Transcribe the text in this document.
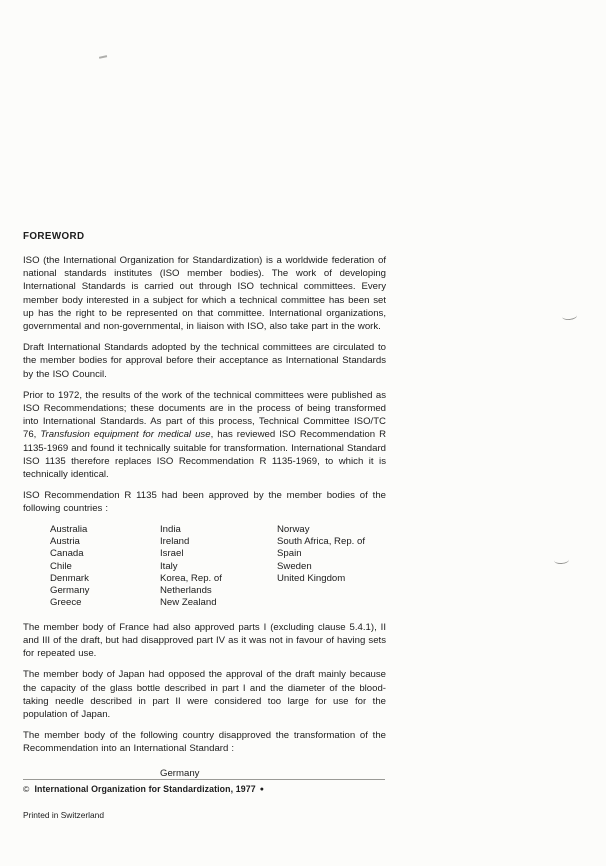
FOREWORD

ISO (the International Organization for Standardization) is a worldwide federation of national standards institutes (ISO member bodies). The work of developing International Standards is carried out through ISO technical committees. Every member body interested in a subject for which a technical committee has been set up has the right to be represented on that committee. International organizations, governmental and non-governmental, in liaison with ISO, also take part in the work.

Draft International Standards adopted by the technical committees are circulated to the member bodies for approval before their acceptance as International Standards by the ISO Council.

Prior to 1972, the results of the work of the technical committees were published as ISO Recommendations; these documents are in the process of being transformed into International Standards. As part of this process, Technical Committee ISO/TC 76, Transfusion equipment for medical use, has reviewed ISO Recommendation R 1135-1969 and found it technically suitable for transformation. International Standard ISO 1135 therefore replaces ISO Recommendation R 1135-1969, to which it is technically identical.

ISO Recommendation R 1135 had been approved by the member bodies of the following countries :

Australia
Austria
Canada
Chile
Denmark
Germany
Greece
India
Ireland
Israel
Italy
Korea, Rep. of
Netherlands
New Zealand
Norway
South Africa, Rep. of
Spain
Sweden
United Kingdom

The member body of France had also approved parts I (excluding clause 5.4.1), II and III of the draft, but had disapproved part IV as it was not in favour of having sets for repeated use.

The member body of Japan had opposed the approval of the draft mainly because the capacity of the glass bottle described in part I and the diameter of the blood-taking needle described in part II were considered too large for use for the population of Japan.

The member body of the following country disapproved the transformation of the Recommendation into an International Standard :

Germany
© International Organization for Standardization, 1977 ●
Printed in Switzerland
